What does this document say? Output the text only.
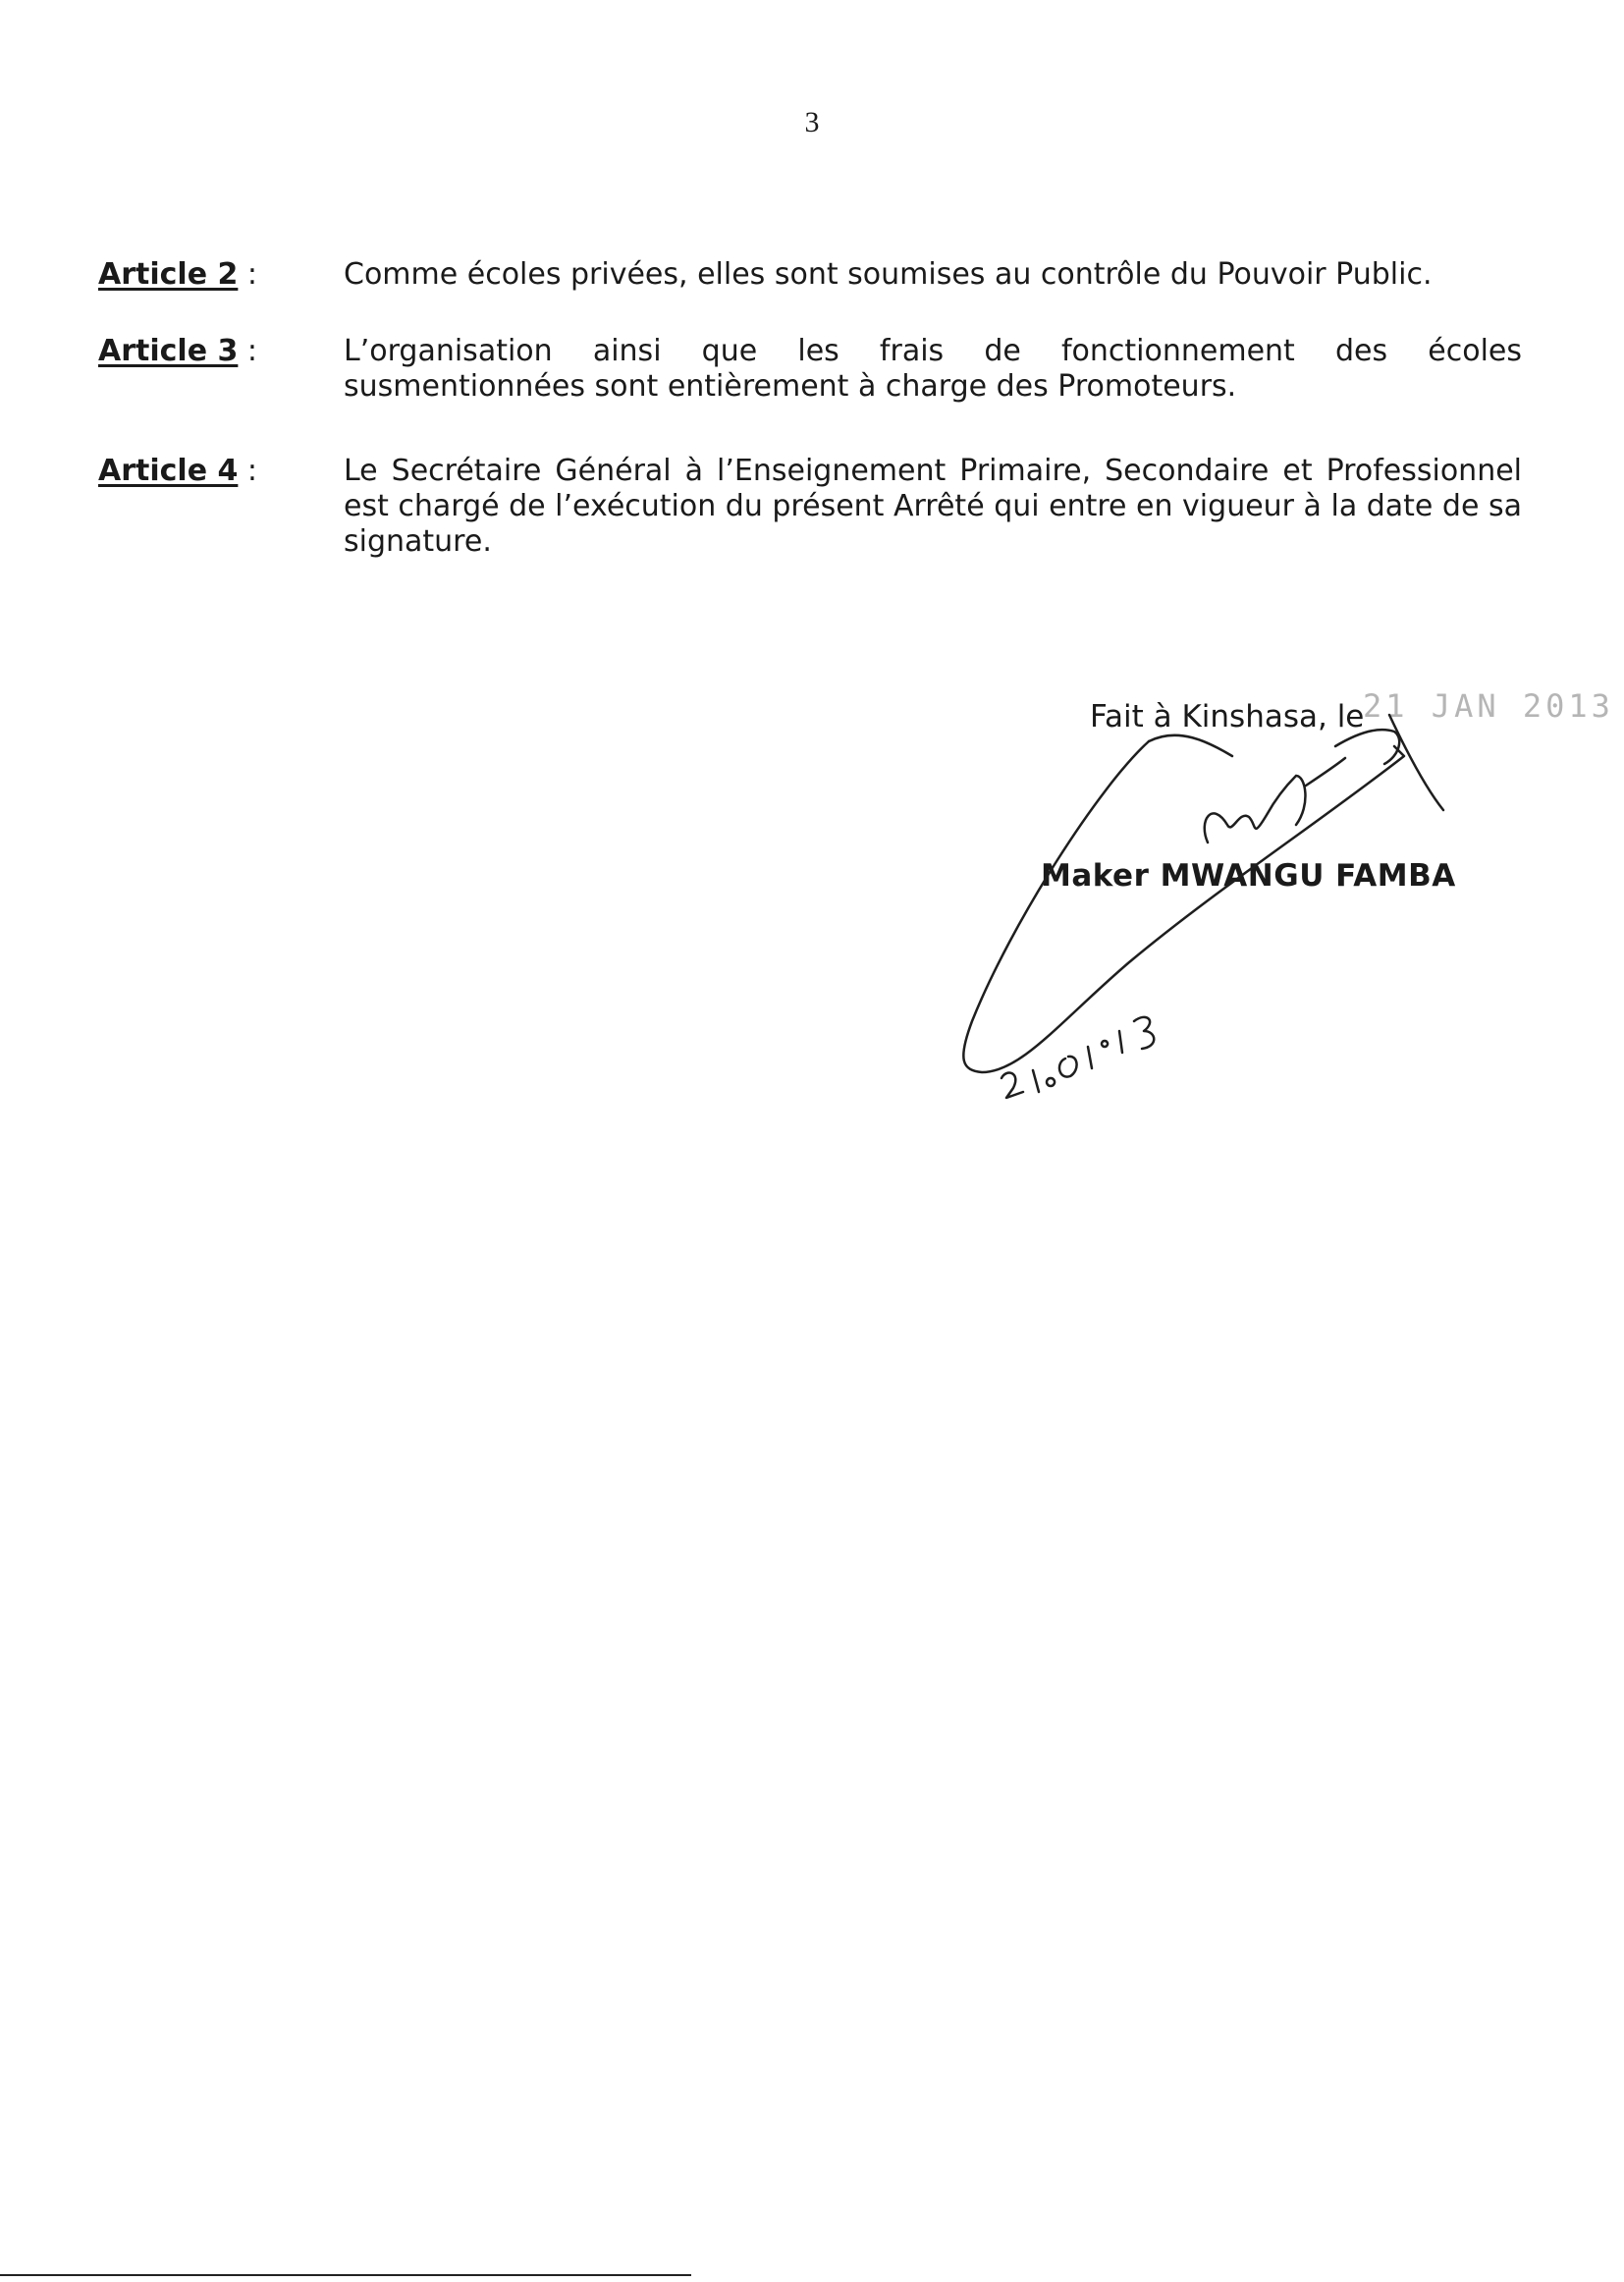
3
Article 2 :	Comme écoles privées, elles sont soumises au contrôle du Pouvoir Public.
Article 3 :	L’organisation ainsi que les frais de fonctionnement des écoles susmentionnées sont entièrement à charge des Promoteurs.
Article 4 :	Le Secrétaire Général à l’Enseignement Primaire, Secondaire et Professionnel est chargé de l’exécution du présent Arrêté qui entre en vigueur à la date de sa signature.
Fait à Kinshasa, le
21 JAN 2013
Maker MWANGU FAMBA
